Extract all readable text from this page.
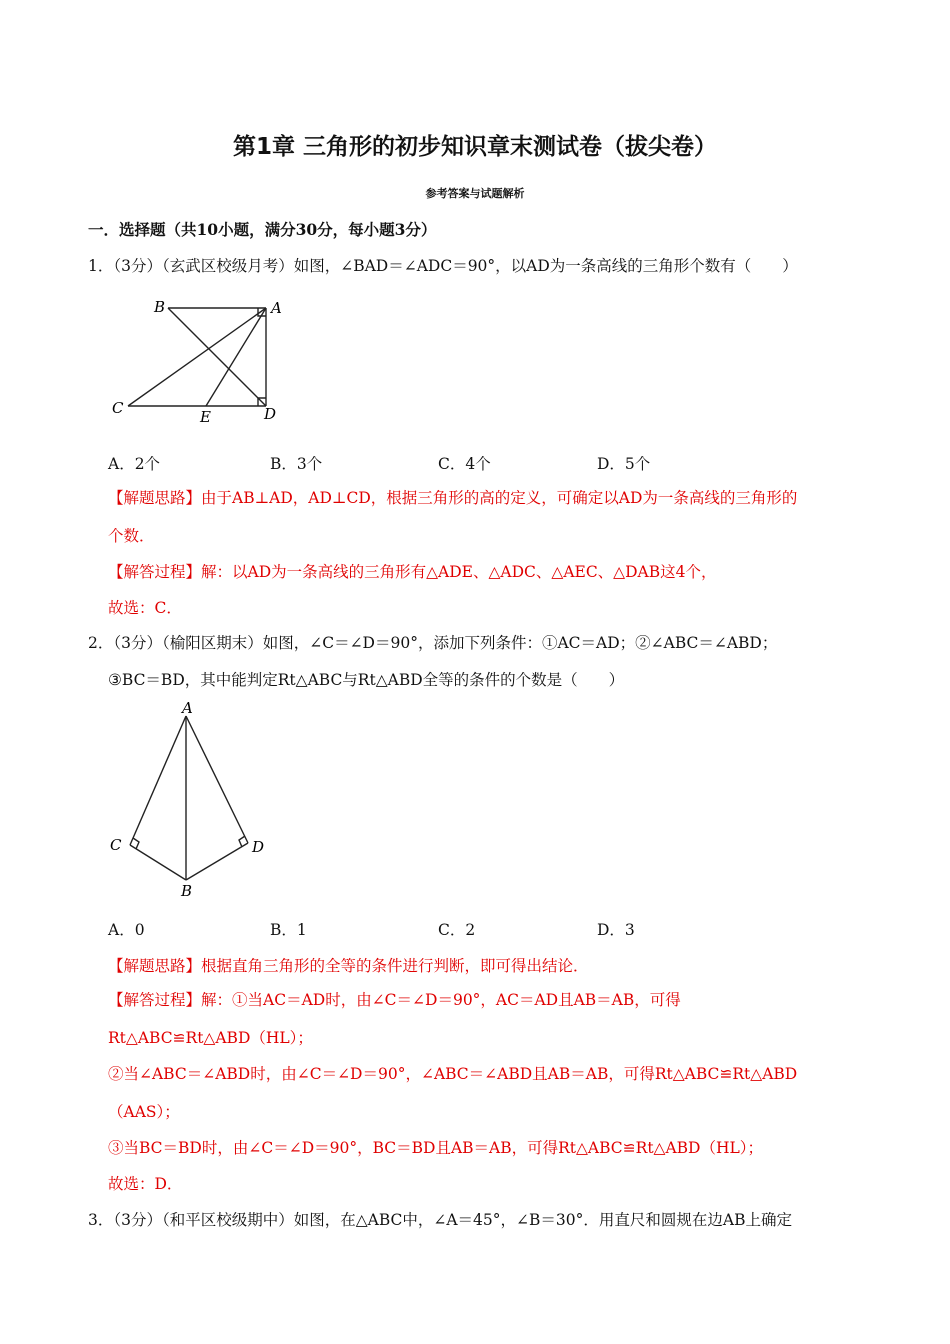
第1章 三角形的初步知识章末测试卷（拔尖卷）
参考答案与试题解析
一．选择题（共10小题，满分30分，每小题3分）
1．（3分）（玄武区校级月考）如图，∠BAD＝∠ADC＝90°，以AD为一条高线的三角形个数有（　　）
B	A
C	E	D
A．2个	B．3个	C．4个	D．5个
【解题思路】由于AB⊥AD，AD⊥CD，根据三角形的高的定义，可确定以AD为一条高线的三角形的
个数．
【解答过程】解：以AD为一条高线的三角形有△ADE、△ADC、△AEC、△DAB这4个，
故选：C．
2．（3分）（榆阳区期末）如图，∠C＝∠D＝90°，添加下列条件：①AC＝AD；②∠ABC＝∠ABD；
③BC＝BD，其中能判定Rt△ABC与Rt△ABD全等的条件的个数是（　　）
A
C	D
B
A．0	B．1	C．2	D．3
【解题思路】根据直角三角形的全等的条件进行判断，即可得出结论．
【解答过程】解：①当AC＝AD时，由∠C＝∠D＝90°，AC＝AD且AB＝AB，可得
Rt△ABC≌Rt△ABD（HL）；
②当∠ABC＝∠ABD时，由∠C＝∠D＝90°，∠ABC＝∠ABD且AB＝AB，可得Rt△ABC≌Rt△ABD
（AAS）；
③当BC＝BD时，由∠C＝∠D＝90°，BC＝BD且AB＝AB，可得Rt△ABC≌Rt△ABD（HL）；
故选：D．
3．（3分）（和平区校级期中）如图，在△ABC中，∠A＝45°，∠B＝30°．用直尺和圆规在边AB上确定
